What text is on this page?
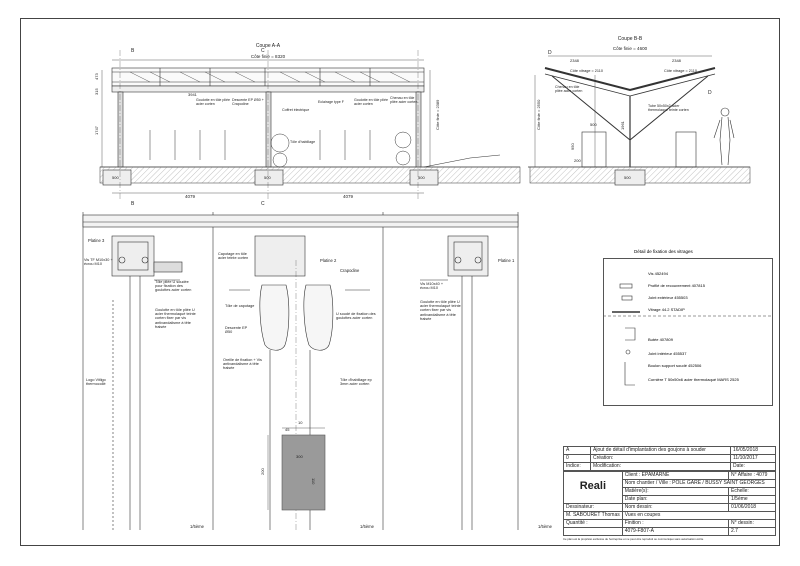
Coupe A-A
Côte finie = 8320
B	C
B	C
473
315
1747
4079	4079
3941
Côte finie = 2389
Goulotte en tôle pliée acier corten
Descente EP Ø50 + Crapodine
Coffret électrique
Eclairage type F	Goulotte en tôle pliée acier corten
Chenau en tôle pliée acier corten
Tôle d'habillage
500	500	500
Coupe B-B
Côte finie = 4600
2348	2348
Côte vitrage = 2110	Côte vitrage = 2110
D
D
Chenau en tôle pliée acier corten
Tube 50x50x2 acier thermolaqué teinte corten
Côte finie = 2550	500	1961
950
200
500
Platine 3
Vis TF M10x30 + écrou M10
Tôle pliée U soudée pour fixation des goulottes acier corten
Goulotte en tôle pliée U acier thermolaqué teinte corten fixer par vis antivandalisme à tête fraisée
Logo Vitligo thermocollé
Capotage en tôle acier teinte corten
Tôle de capotage
Descente EP Ø50
Oreille de fixation + Vis antivandalisme à tête fraisée
Platine 2
Crapodine
U soudé de fixation des goulottes acier corten
Tôle d'habillage ep 3mm acier corten
Vis M10x40 + écrou M10
Goulotte en tôle pliée U acier thermolaqué teinte corten fixer par vis antivandalisme à tête fraisée
Platine 1
45
10
300
200
110
1/5ème	1/5ème	1/5ème
Détail de fixation des vitrages
Vis 452494
Profilé de recouvrement 407815
Joint extérieur 455503
Vitrage 44.2 STADIP
Butée 407809
Joint intérieur 455537
Boulon support soudé 452506
Cornière T 50x50x6 acier thermolaqué MARS 2525
A	Ajout de détail d'implantation des goujons à souder	16/05/2018
0	Création:	11/10/2017
Indice:	Modification:	Date:
Reali	Client : EPAMARNE	N° Affaire : 4079
	Nom chantier / Ville : POLE GARE / BUSSY SAINT GEORGES	
	Matière(s):	Echelle:
	Date plan:	1/5ème
Dessinateur:	Nom dessin:	01/06/2018
M. SABOURET Thomas	Vues en coupes	
Quantité :	Finition :	N° dessin:
	4079-F807-A	2.7
Ce plan est la propriété exclusive de l'entreprise et ne peut être reproduit ou communiqué sans autorisation écrite
